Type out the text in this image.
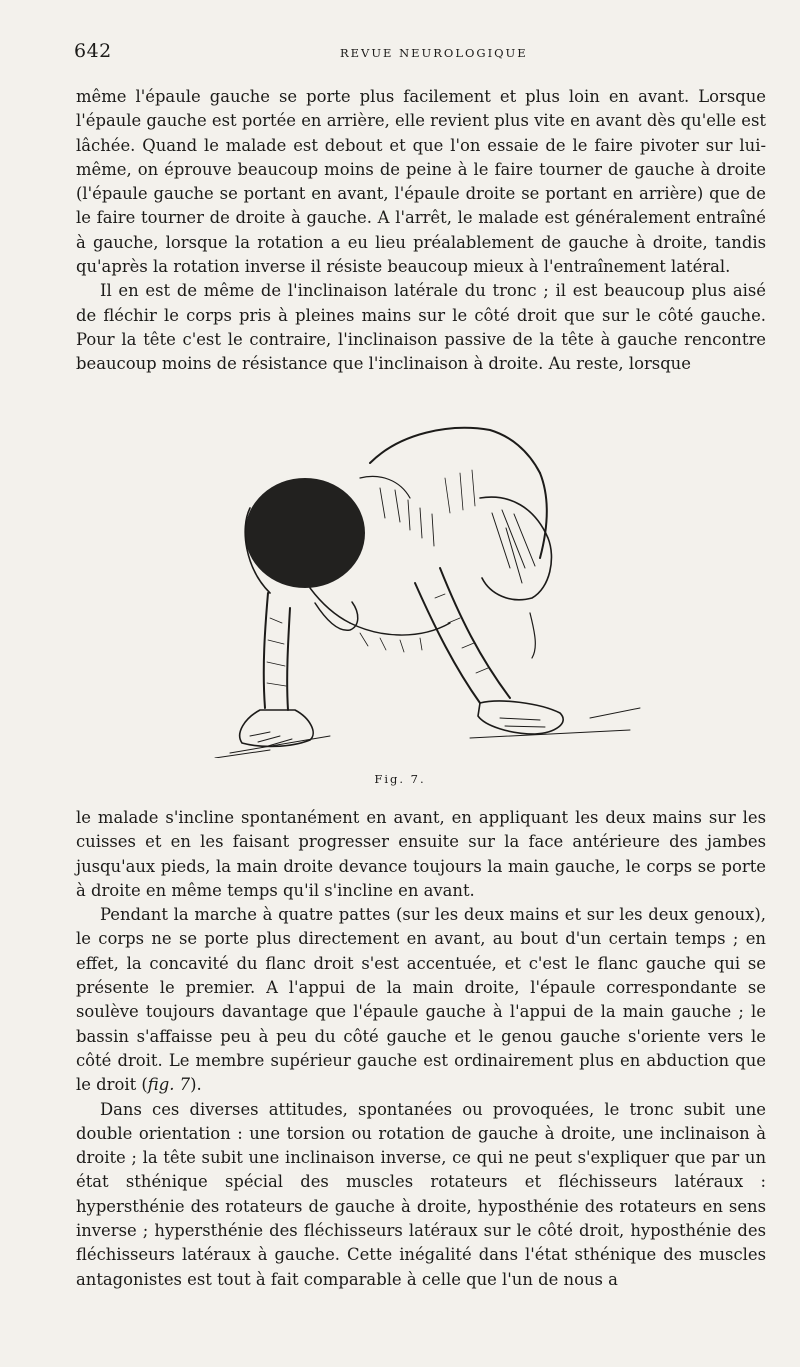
642	REVUE NEUROLOGIQUE

même l'épaule gauche se porte plus facilement et plus loin en avant. Lorsque l'épaule gauche est portée en arrière, elle revient plus vite en avant dès qu'elle est lâchée. Quand le malade est debout et que l'on essaie de le faire pivoter sur lui-même, on éprouve beaucoup moins de peine à le faire tourner de gauche à droite (l'épaule gauche se portant en avant, l'épaule droite se portant en arrière) que de le faire tourner de droite à gauche. A l'arrêt, le malade est généralement entraîné à gauche, lorsque la rotation a eu lieu préalablement de gauche à droite, tandis qu'après la rotation inverse il résiste beaucoup mieux à l'entraînement latéral.

Il en est de même de l'inclinaison latérale du tronc ; il est beaucoup plus aisé de fléchir le corps pris à pleines mains sur le côté droit que sur le côté gauche. Pour la tête c'est le contraire, l'inclinaison passive de la tête à gauche rencontre beaucoup moins de résistance que l'inclinaison à droite. Au reste, lorsque

Fig. 7.

le malade s'incline spontanément en avant, en appliquant les deux mains sur les cuisses et en les faisant progresser ensuite sur la face antérieure des jambes jusqu'aux pieds, la main droite devance toujours la main gauche, le corps se porte à droite en même temps qu'il s'incline en avant.

Pendant la marche à quatre pattes (sur les deux mains et sur les deux genoux), le corps ne se porte plus directement en avant, au bout d'un certain temps ; en effet, la concavité du flanc droit s'est accentuée, et c'est le flanc gauche qui se présente le premier. A l'appui de la main droite, l'épaule correspondante se soulève toujours davantage que l'épaule gauche à l'appui de la main gauche ; le bassin s'affaisse peu à peu du côté gauche et le genou gauche s'oriente vers le côté droit. Le membre supérieur gauche est ordinairement plus en abduction que le droit (fig. 7).

Dans ces diverses attitudes, spontanées ou provoquées, le tronc subit une double orientation : une torsion ou rotation de gauche à droite, une inclinaison à droite ; la tête subit une inclinaison inverse, ce qui ne peut s'expliquer que par un état sthénique spécial des muscles rotateurs et fléchisseurs latéraux : hypersthénie des rotateurs de gauche à droite, hyposthénie des rotateurs en sens inverse ; hypersthénie des fléchisseurs latéraux sur le côté droit, hyposthénie des fléchisseurs latéraux à gauche. Cette inégalité dans l'état sthénique des muscles antagonistes est tout à fait comparable à celle que l'un de nous a
